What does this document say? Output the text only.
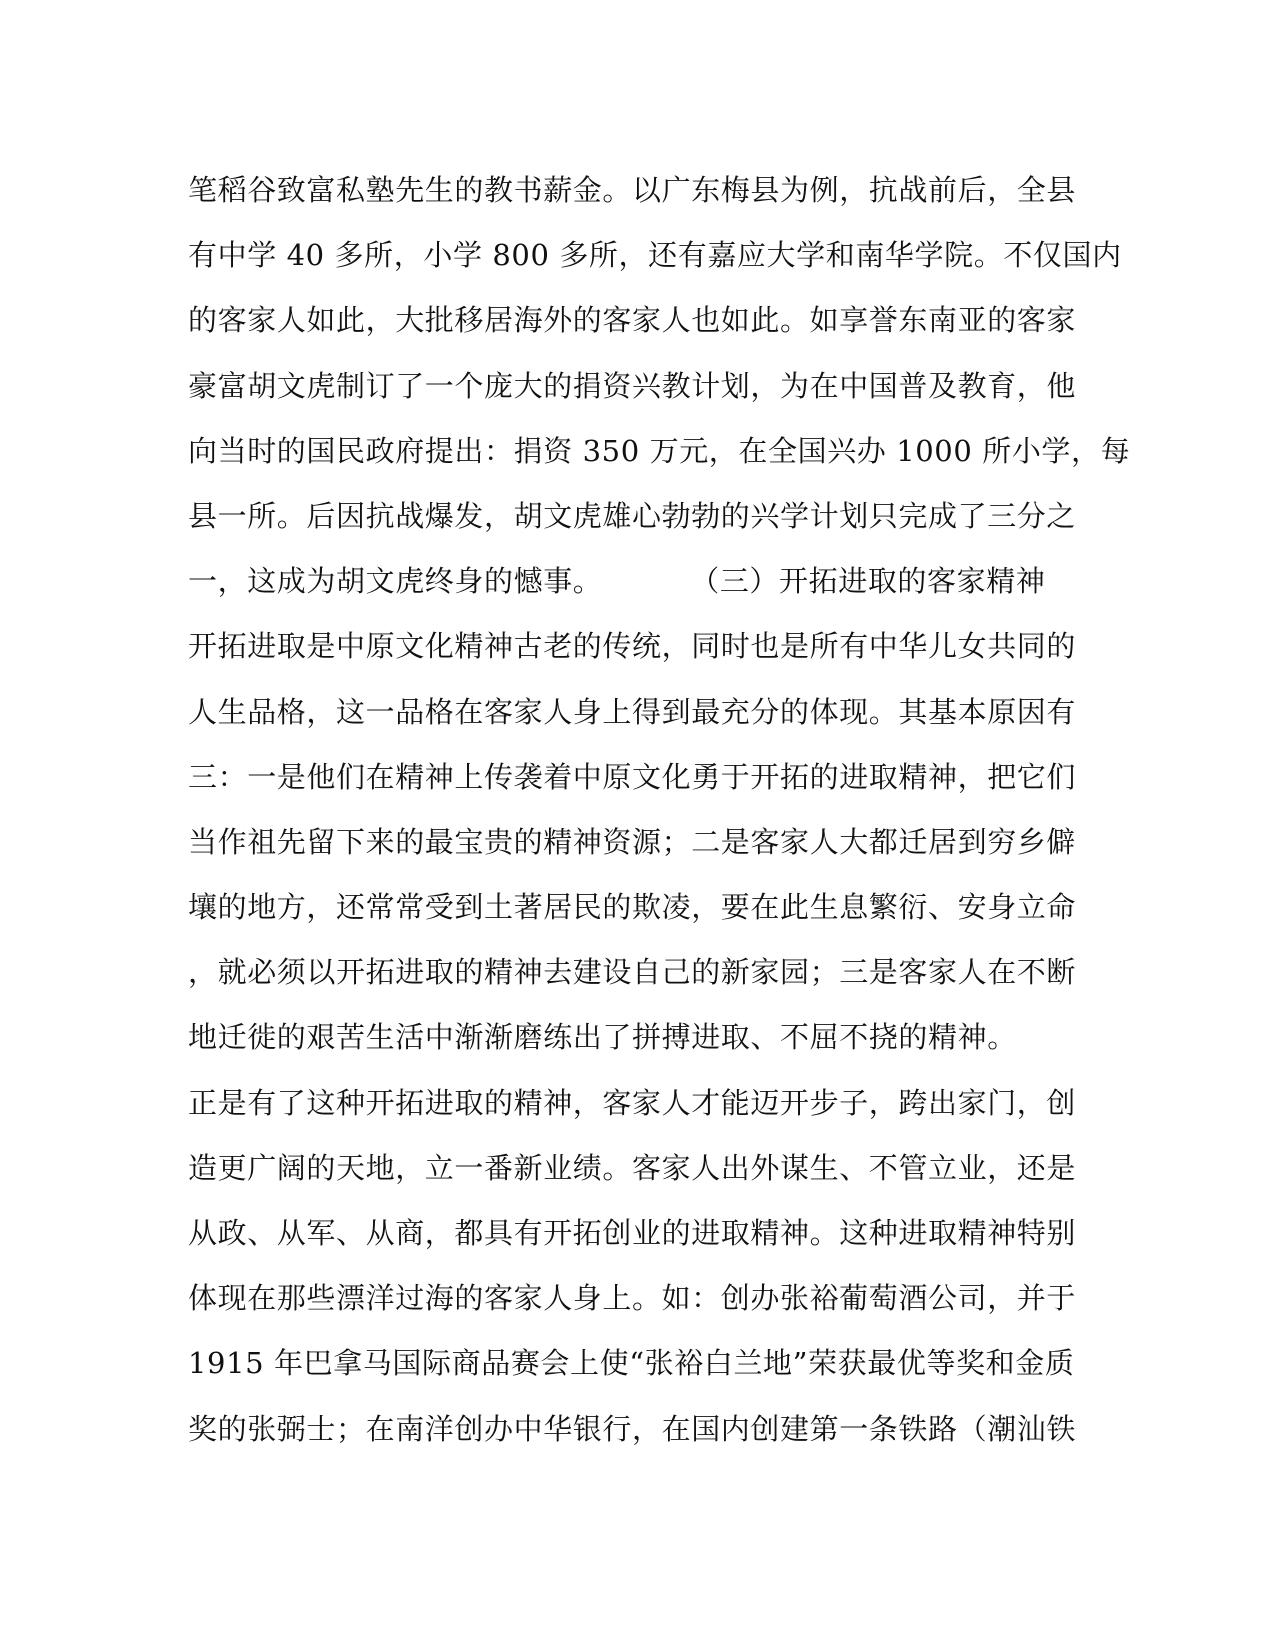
笔稻谷致富私塾先生的教书薪金。以广东梅县为例，抗战前后，全县
有中学 40 多所，小学 800 多所，还有嘉应大学和南华学院。不仅国内
的客家人如此，大批移居海外的客家人也如此。如享誉东南亚的客家
豪富胡文虎制订了一个庞大的捐资兴教计划，为在中国普及教育，他
向当时的国民政府提出：捐资 350 万元，在全国兴办 1000 所小学，每
县一所。后因抗战爆发，胡文虎雄心勃勃的兴学计划只完成了三分之
一，这成为胡文虎终身的憾事。	（三）开拓进取的客家精神
开拓进取是中原文化精神古老的传统，同时也是所有中华儿女共同的
人生品格，这一品格在客家人身上得到最充分的体现。其基本原因有
三：一是他们在精神上传袭着中原文化勇于开拓的进取精神，把它们
当作祖先留下来的最宝贵的精神资源；二是客家人大都迁居到穷乡僻
壤的地方，还常常受到土著居民的欺凌，要在此生息繁衍、安身立命
，就必须以开拓进取的精神去建设自己的新家园；三是客家人在不断
地迁徙的艰苦生活中渐渐磨练出了拼搏进取、不屈不挠的精神。
正是有了这种开拓进取的精神，客家人才能迈开步子，跨出家门，创
造更广阔的天地，立一番新业绩。客家人出外谋生、不管立业，还是
从政、从军、从商，都具有开拓创业的进取精神。这种进取精神特别
体现在那些漂洋过海的客家人身上。如：创办张裕葡萄酒公司，并于
1915 年巴拿马国际商品赛会上使“张裕白兰地”荣获最优等奖和金质
奖的张弼士；在南洋创办中华银行，在国内创建第一条铁路（潮汕铁
